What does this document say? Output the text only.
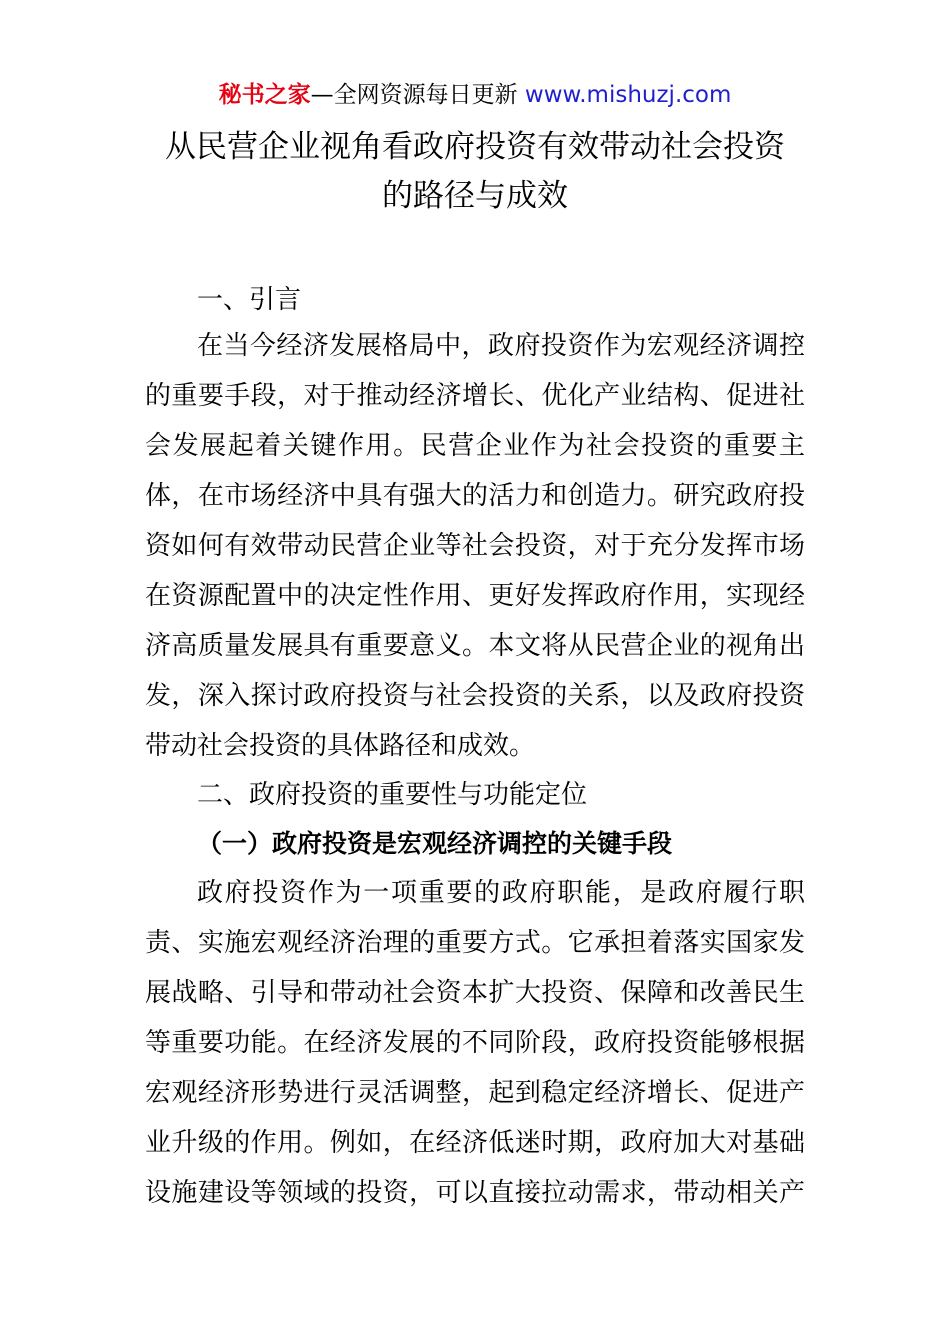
秘书之家—全网资源每日更新 www.mishuzj.com
从民营企业视角看政府投资有效带动社会投资
的路径与成效
一、引言
在当今经济发展格局中，政府投资作为宏观经济调控
的重要手段，对于推动经济增长、优化产业结构、促进社
会发展起着关键作用。民营企业作为社会投资的重要主
体，在市场经济中具有强大的活力和创造力。研究政府投
资如何有效带动民营企业等社会投资，对于充分发挥市场
在资源配置中的决定性作用、更好发挥政府作用，实现经
济高质量发展具有重要意义。本文将从民营企业的视角出
发，深入探讨政府投资与社会投资的关系，以及政府投资
带动社会投资的具体路径和成效。
二、政府投资的重要性与功能定位
（一）政府投资是宏观经济调控的关键手段
政府投资作为一项重要的政府职能，是政府履行职
责、实施宏观经济治理的重要方式。它承担着落实国家发
展战略、引导和带动社会资本扩大投资、保障和改善民生
等重要功能。在经济发展的不同阶段，政府投资能够根据
宏观经济形势进行灵活调整，起到稳定经济增长、促进产
业升级的作用。例如，在经济低迷时期，政府加大对基础
设施建设等领域的投资，可以直接拉动需求，带动相关产
